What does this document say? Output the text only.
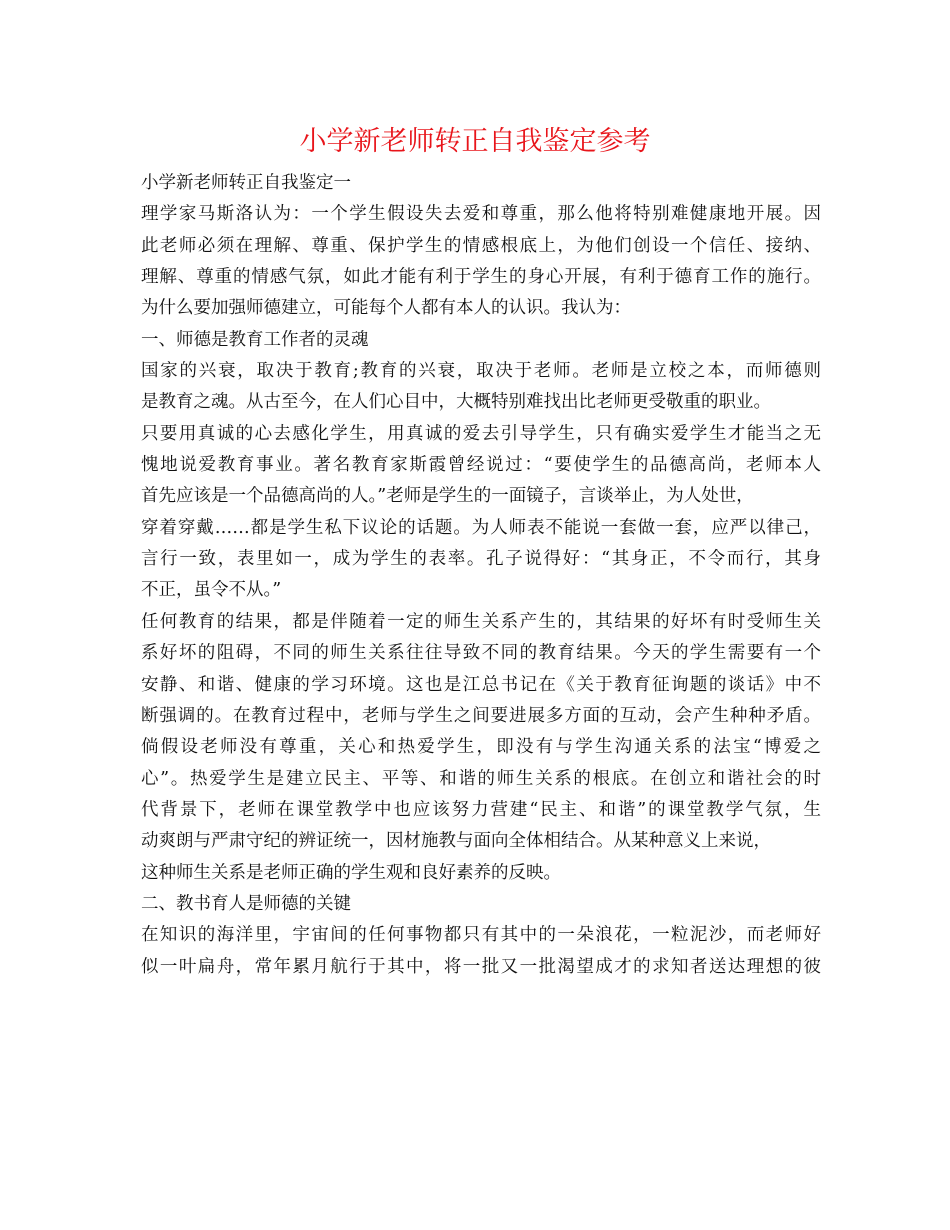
小学新老师转正自我鉴定参考
小学新老师转正自我鉴定一
理学家马斯洛认为：一个学生假设失去爱和尊重，那么他将特别难健康地开展。因
此老师必须在理解、尊重、保护学生的情感根底上，为他们创设一个信任、接纳、
理解、尊重的情感气氛，如此才能有利于学生的身心开展，有利于德育工作的施行。
为什么要加强师德建立，可能每个人都有本人的认识。我认为：
一、师德是教育工作者的灵魂
国家的兴衰，取决于教育;教育的兴衰，取决于老师。老师是立校之本，而师德则
是教育之魂。从古至今，在人们心目中，大概特别难找出比老师更受敬重的职业。
只要用真诚的心去感化学生，用真诚的爱去引导学生，只有确实爱学生才能当之无
愧地说爱教育事业。著名教育家斯霞曾经说过：“要使学生的品德高尚，老师本人
首先应该是一个品德高尚的人。”老师是学生的一面镜子，言谈举止，为人处世，
穿着穿戴……都是学生私下议论的话题。为人师表不能说一套做一套，应严以律己，
言行一致，表里如一，成为学生的表率。孔子说得好：“其身正，不令而行，其身
不正，虽令不从。”
任何教育的结果，都是伴随着一定的师生关系产生的，其结果的好坏有时受师生关
系好坏的阻碍，不同的师生关系往往导致不同的教育结果。今天的学生需要有一个
安静、和谐、健康的学习环境。这也是江总书记在《关于教育征询题的谈话》中不
断强调的。在教育过程中，老师与学生之间要进展多方面的互动，会产生种种矛盾。
倘假设老师没有尊重，关心和热爱学生，即没有与学生沟通关系的法宝“博爱之
心”。热爱学生是建立民主、平等、和谐的师生关系的根底。在创立和谐社会的时
代背景下，老师在课堂教学中也应该努力营建“民主、和谐”的课堂教学气氛，生
动爽朗与严肃守纪的辨证统一，因材施教与面向全体相结合。从某种意义上来说，
这种师生关系是老师正确的学生观和良好素养的反映。
二、教书育人是师德的关键
在知识的海洋里，宇宙间的任何事物都只有其中的一朵浪花，一粒泥沙，而老师好
似一叶扁舟，常年累月航行于其中，将一批又一批渴望成才的求知者送达理想的彼
